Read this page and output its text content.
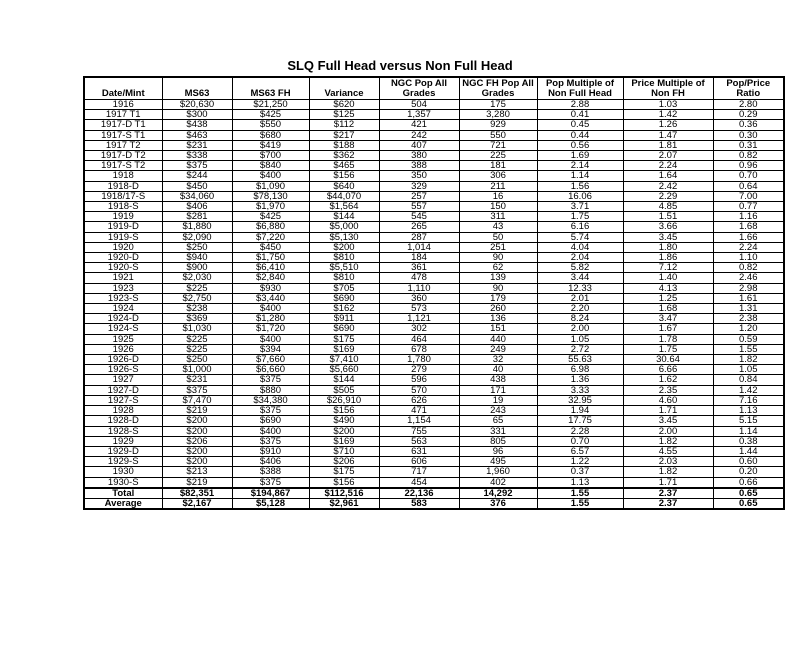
SLQ Full Head versus Non Full Head
Date/Mint	MS63	MS63 FH	Variance	NGC Pop All Grades	NGC FH Pop All Grades	Pop Multiple of Non Full Head	Price Multiple of Non FH	Pop/Price Ratio
1916	$20,630	$21,250	$620	504	175	2.88	1.03	2.80
1917 T1	$300	$425	$125	1,357	3,280	0.41	1.42	0.29
1917-D T1	$438	$550	$112	421	929	0.45	1.26	0.36
1917-S T1	$463	$680	$217	242	550	0.44	1.47	0.30
1917 T2	$231	$419	$188	407	721	0.56	1.81	0.31
1917-D T2	$338	$700	$362	380	225	1.69	2.07	0.82
1917-S T2	$375	$840	$465	388	181	2.14	2.24	0.96
1918	$244	$400	$156	350	306	1.14	1.64	0.70
1918-D	$450	$1,090	$640	329	211	1.56	2.42	0.64
1918/17-S	$34,060	$78,130	$44,070	257	16	16.06	2.29	7.00
1918-S	$406	$1,970	$1,564	557	150	3.71	4.85	0.77
1919	$281	$425	$144	545	311	1.75	1.51	1.16
1919-D	$1,880	$6,880	$5,000	265	43	6.16	3.66	1.68
1919-S	$2,090	$7,220	$5,130	287	50	5.74	3.45	1.66
1920	$250	$450	$200	1,014	251	4.04	1.80	2.24
1920-D	$940	$1,750	$810	184	90	2.04	1.86	1.10
1920-S	$900	$6,410	$5,510	361	62	5.82	7.12	0.82
1921	$2,030	$2,840	$810	478	139	3.44	1.40	2.46
1923	$225	$930	$705	1,110	90	12.33	4.13	2.98
1923-S	$2,750	$3,440	$690	360	179	2.01	1.25	1.61
1924	$238	$400	$162	573	260	2.20	1.68	1.31
1924-D	$369	$1,280	$911	1,121	136	8.24	3.47	2.38
1924-S	$1,030	$1,720	$690	302	151	2.00	1.67	1.20
1925	$225	$400	$175	464	440	1.05	1.78	0.59
1926	$225	$394	$169	678	249	2.72	1.75	1.55
1926-D	$250	$7,660	$7,410	1,780	32	55.63	30.64	1.82
1926-S	$1,000	$6,660	$5,660	279	40	6.98	6.66	1.05
1927	$231	$375	$144	596	438	1.36	1.62	0.84
1927-D	$375	$880	$505	570	171	3.33	2.35	1.42
1927-S	$7,470	$34,380	$26,910	626	19	32.95	4.60	7.16
1928	$219	$375	$156	471	243	1.94	1.71	1.13
1928-D	$200	$690	$490	1,154	65	17.75	3.45	5.15
1928-S	$200	$400	$200	755	331	2.28	2.00	1.14
1929	$206	$375	$169	563	805	0.70	1.82	0.38
1929-D	$200	$910	$710	631	96	6.57	4.55	1.44
1929-S	$200	$406	$206	606	495	1.22	2.03	0.60
1930	$213	$388	$175	717	1,960	0.37	1.82	0.20
1930-S	$219	$375	$156	454	402	1.13	1.71	0.66
Total	$82,351	$194,867	$112,516	22,136	14,292	1.55	2.37	0.65
Average	$2,167	$5,128	$2,961	583	376	1.55	2.37	0.65
